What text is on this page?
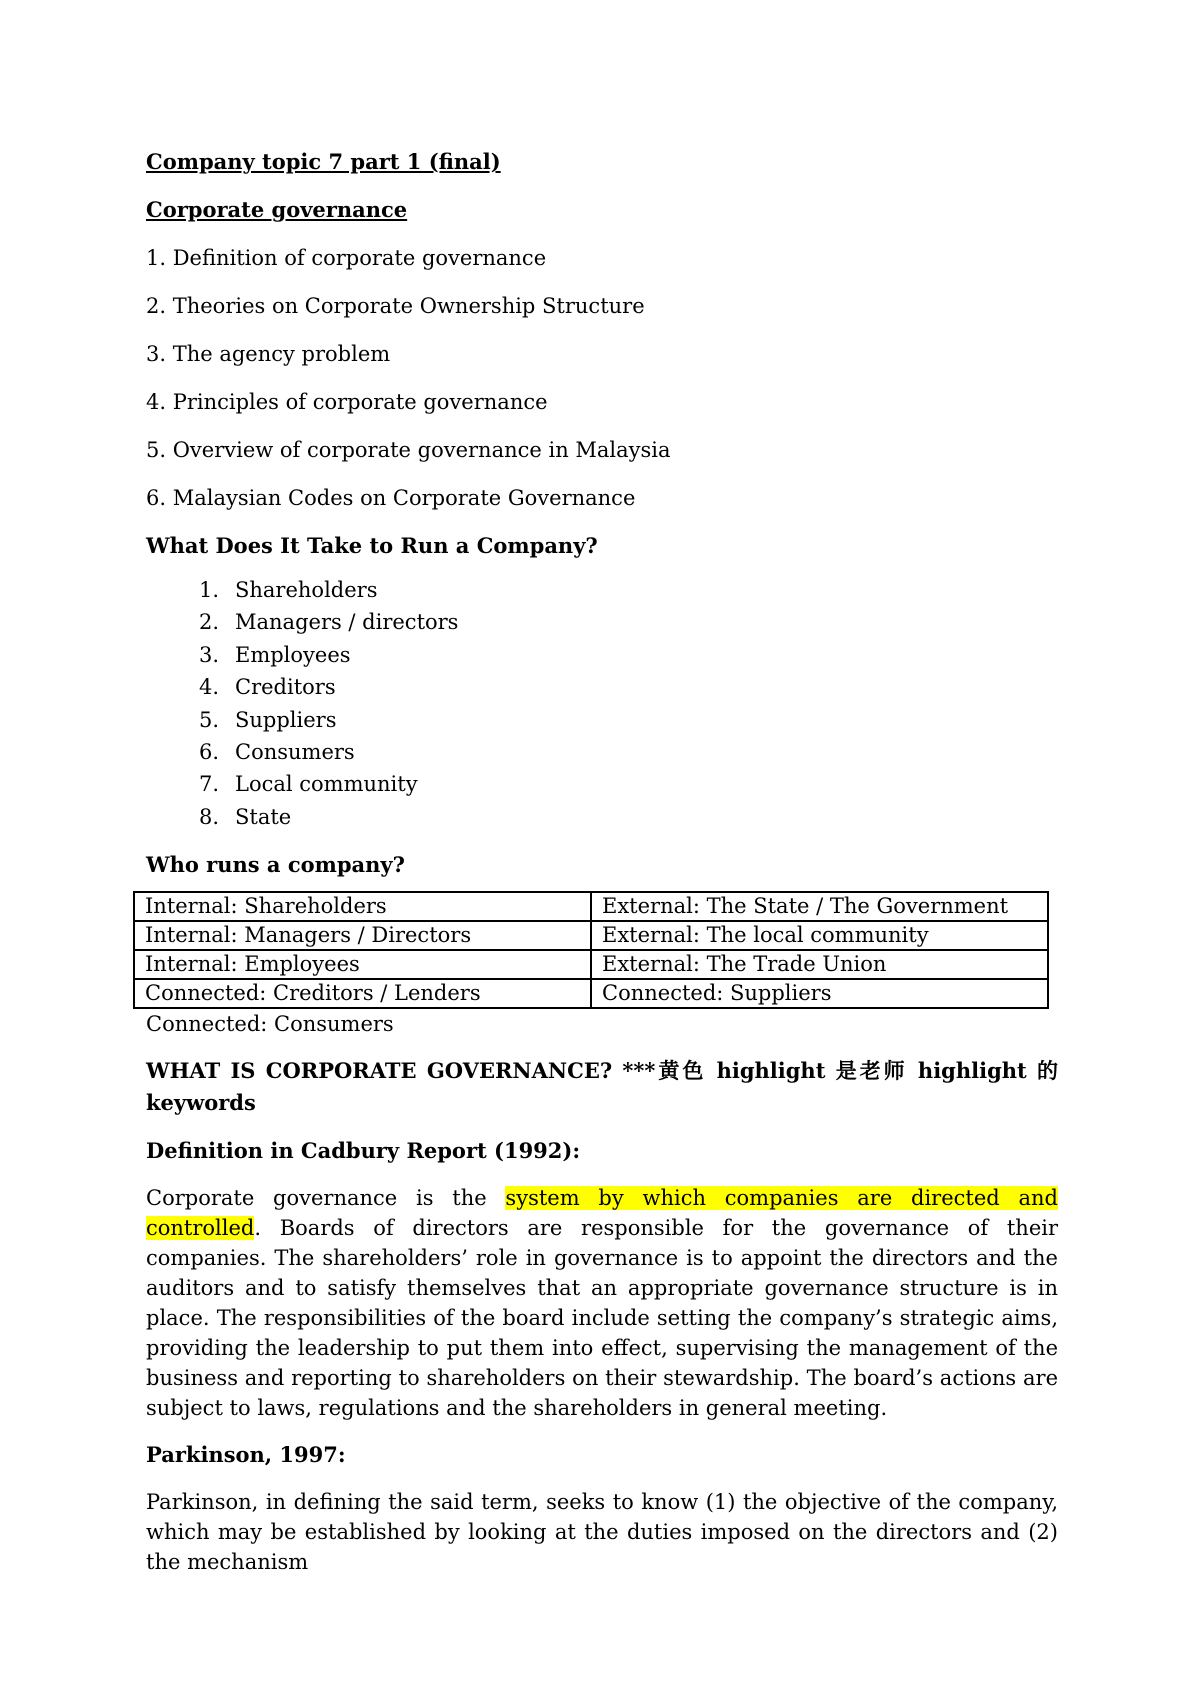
Company topic 7 part 1 (final)

Corporate governance

1. Definition of corporate governance

2. Theories on Corporate Ownership Structure

3. The agency problem

4. Principles of corporate governance

5. Overview of corporate governance in Malaysia

6. Malaysian Codes on Corporate Governance

What Does It Take to Run a Company?

1. Shareholders
2. Managers / directors
3. Employees
4. Creditors
5. Suppliers
6. Consumers
7. Local community
8. State

Who runs a company?

Internal: Shareholders	External: The State / The Government
Internal: Managers / Directors	External: The local community
Internal: Employees	External: The Trade Union
Connected: Creditors / Lenders	Connected: Suppliers

Connected: Consumers

WHAT IS CORPORATE GOVERNANCE? ***黄色 highlight 是老师 highlight 的 keywords

Definition in Cadbury Report (1992):

Corporate governance is the system by which companies are directed and controlled. Boards of directors are responsible for the governance of their companies. The shareholders’ role in governance is to appoint the directors and the auditors and to satisfy themselves that an appropriate governance structure is in place. The responsibilities of the board include setting the company’s strategic aims, providing the leadership to put them into effect, supervising the management of the business and reporting to shareholders on their stewardship. The board’s actions are subject to laws, regulations and the shareholders in general meeting.

Parkinson, 1997:

Parkinson, in defining the said term, seeks to know (1) the objective of the company, which may be established by looking at the duties imposed on the directors and (2) the mechanism
